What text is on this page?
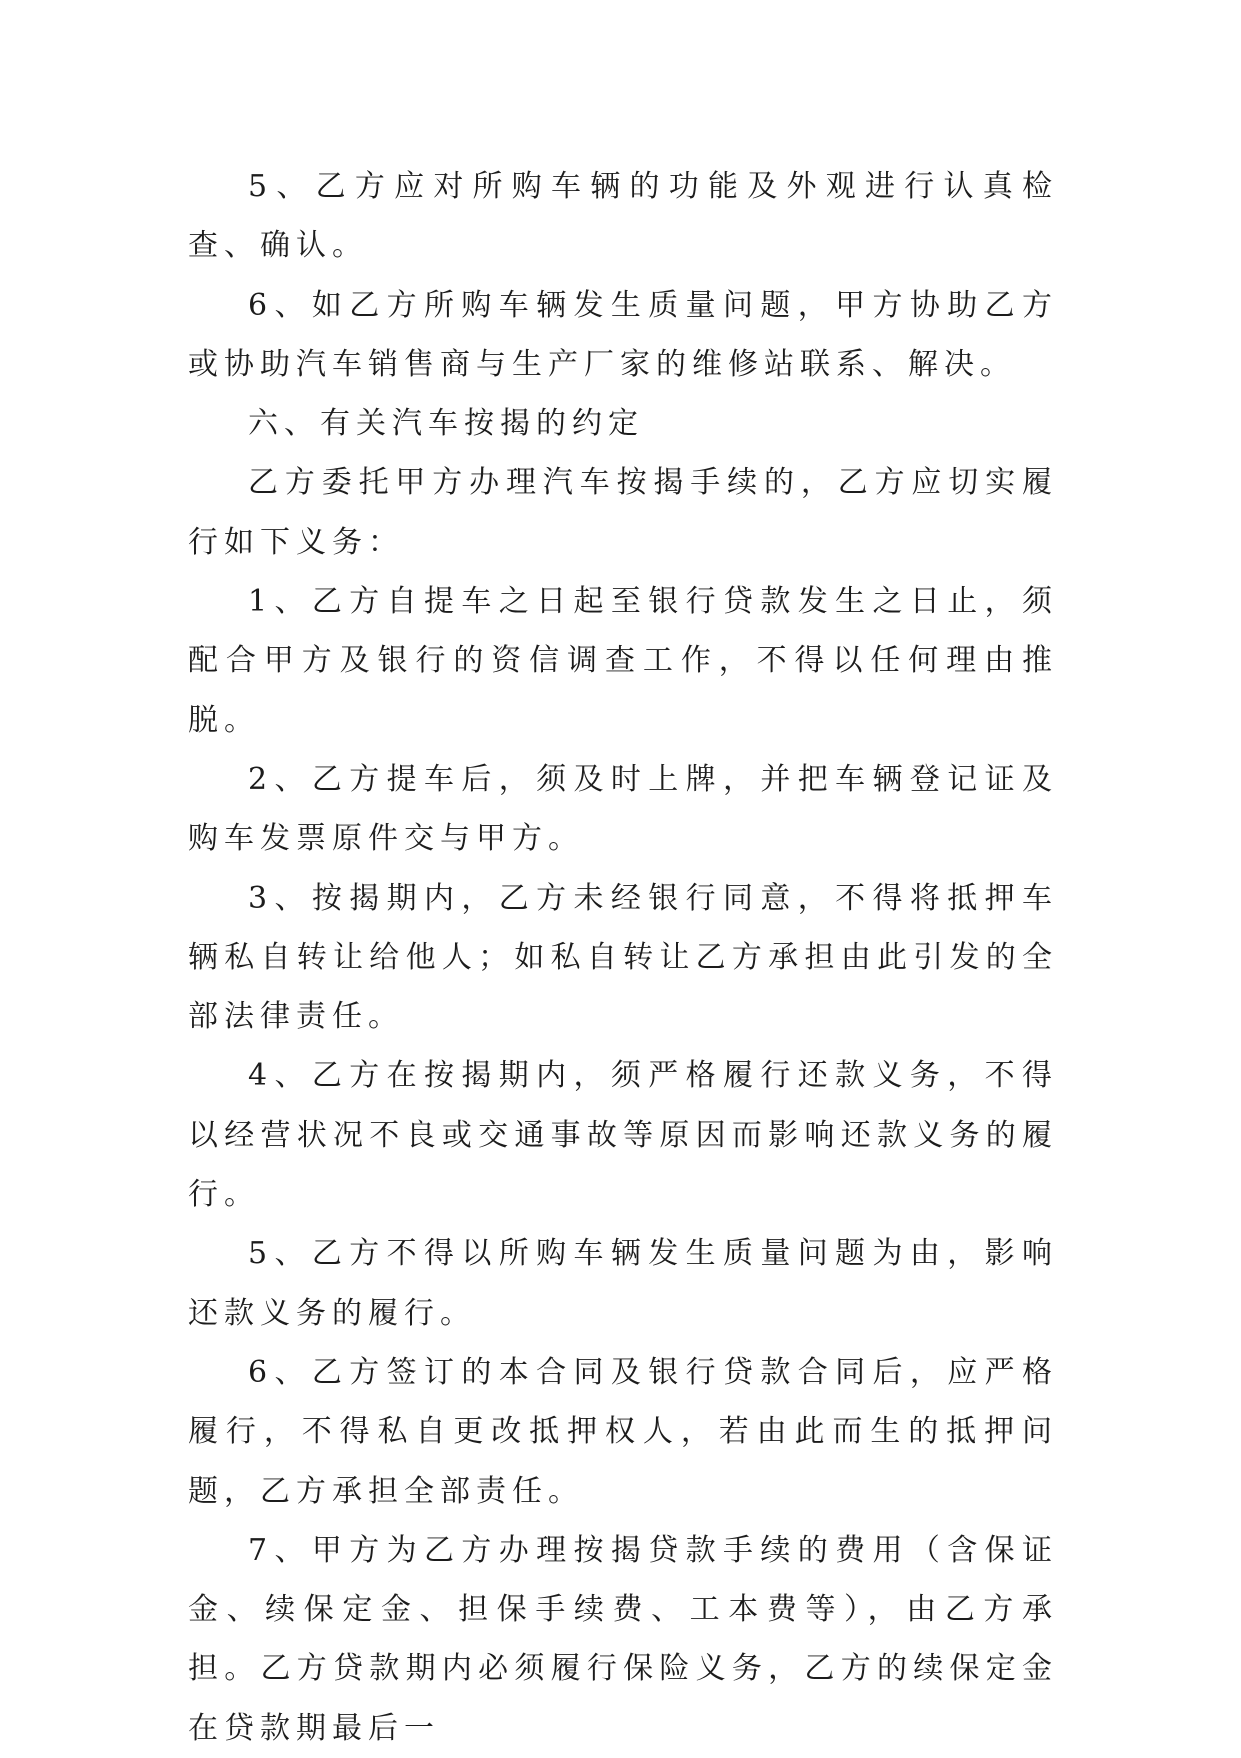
5、乙方应对所购车辆的功能及外观进行认真检查、确认。

6、如乙方所购车辆发生质量问题，甲方协助乙方或协助汽车销售商与生产厂家的维修站联系、解决。

六、有关汽车按揭的约定

乙方委托甲方办理汽车按揭手续的，乙方应切实履行如下义务：

1、乙方自提车之日起至银行贷款发生之日止，须配合甲方及银行的资信调查工作，不得以任何理由推脱。

2、乙方提车后，须及时上牌，并把车辆登记证及购车发票原件交与甲方。

3、按揭期内，乙方未经银行同意，不得将抵押车辆私自转让给他人；如私自转让乙方承担由此引发的全部法律责任。

4、乙方在按揭期内，须严格履行还款义务，不得以经营状况不良或交通事故等原因而影响还款义务的履行。

5、乙方不得以所购车辆发生质量问题为由，影响还款义务的履行。

6、乙方签订的本合同及银行贷款合同后，应严格履行，不得私自更改抵押权人，若由此而生的抵押问题，乙方承担全部责任。

7、甲方为乙方办理按揭贷款手续的费用（含保证金、续保定金、担保手续费、工本费等），由乙方承担。乙方贷款期内必须履行保险义务，乙方的续保定金在贷款期最后一
